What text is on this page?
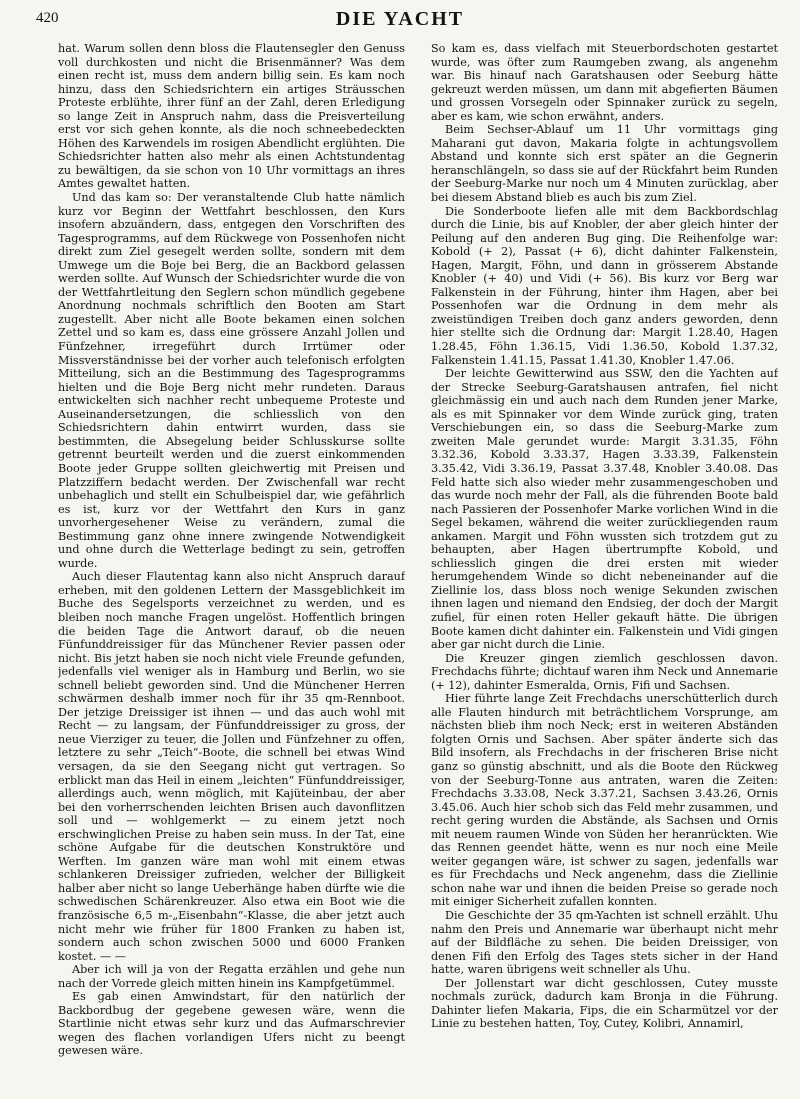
420	DIE YACHT

hat. Warum sollen denn bloss die Flautensegler den Genuss voll durchkosten und nicht die Brisenmänner? Was dem einen recht ist, muss dem andern billig sein. Es kam noch hinzu, dass den Schiedsrichtern ein artiges Sträusschen Proteste erblühte, ihrer fünf an der Zahl, deren Erledigung so lange Zeit in Anspruch nahm, dass die Preisverteilung erst vor sich gehen konnte, als die noch schneebedeckten Höhen des Karwendels im rosigen Abendlicht erglühten. Die Schiedsrichter hatten also mehr als einen Achtstundentag zu bewältigen, da sie schon von 10 Uhr vormittags an ihres Amtes gewaltet hatten.

Und das kam so: Der veranstaltende Club hatte nämlich kurz vor Beginn der Wettfahrt beschlossen, den Kurs insofern abzuändern, dass, entgegen den Vorschriften des Tagesprogramms, auf dem Rückwege von Possenhofen nicht direkt zum Ziel gesegelt werden sollte, sondern mit dem Umwege um die Boje bei Berg, die an Backbord gelassen werden sollte. Auf Wunsch der Schiedsrichter wurde die von der Wettfahrtleitung den Seglern schon mündlich gegebene Anordnung nochmals schriftlich den Booten am Start zugestellt. Aber nicht alle Boote bekamen einen solchen Zettel und so kam es, dass eine grössere Anzahl Jollen und Fünfzehner, irregeführt durch Irrtümer oder Missverständnisse bei der vorher auch telefonisch erfolgten Mitteilung, sich an die Bestimmung des Tagesprogramms hielten und die Boje Berg nicht mehr rundeten. Daraus entwickelten sich nachher recht unbequeme Proteste und Auseinandersetzungen, die schliesslich von den Schiedsrichtern dahin entwirrt wurden, dass sie bestimmten, die Absegelung beider Schlusskurse sollte getrennt beurteilt werden und die zuerst einkommenden Boote jeder Gruppe sollten gleichwertig mit Preisen und Platzziffern bedacht werden. Der Zwischenfall war recht unbehaglich und stellt ein Schulbeispiel dar, wie gefährlich es ist, kurz vor der Wettfahrt den Kurs in ganz unvorhergesehener Weise zu verändern, zumal die Bestimmung ganz ohne innere zwingende Notwendigkeit und ohne durch die Wetterlage bedingt zu sein, getroffen wurde.

Auch dieser Flautentag kann also nicht Anspruch darauf erheben, mit den goldenen Lettern der Massgeblichkeit im Buche des Segelsports verzeichnet zu werden, und es bleiben noch manche Fragen ungelöst. Hoffentlich bringen die beiden Tage die Antwort darauf, ob die neuen Fünfunddreissiger für das Münchener Revier passen oder nicht. Bis jetzt haben sie noch nicht viele Freunde gefunden, jedenfalls viel weniger als in Hamburg und Berlin, wo sie schnell beliebt geworden sind. Und die Münchener Herren schwärmen deshalb immer noch für ihr 35 qm-Rennboot. Der jetzige Dreissiger ist ihnen — und das auch wohl mit Recht — zu langsam, der Fünfunddreissiger zu gross, der neue Vierziger zu teuer, die Jollen und Fünfzehner zu offen, letztere zu sehr „Teich“-Boote, die schnell bei etwas Wind versagen, da sie den Seegang nicht gut vertragen. So erblickt man das Heil in einem „leichten“ Fünfunddreissiger, allerdings auch, wenn möglich, mit Kajüteinbau, der aber bei den vorherrschenden leichten Brisen auch davonflitzen soll und — wohlgemerkt — zu einem jetzt noch erschwinglichen Preise zu haben sein muss. In der Tat, eine schöne Aufgabe für die deutschen Konstruktöre und Werften. Im ganzen wäre man wohl mit einem etwas schlankeren Dreissiger zufrieden, welcher der Billigkeit halber aber nicht so lange Ueberhänge haben dürfte wie die schwedischen Schärenkreuzer. Also etwa ein Boot wie die französische 6,5 m-„Eisenbahn“-Klasse, die aber jetzt auch nicht mehr wie früher für 1800 Franken zu haben ist, sondern auch schon zwischen 5000 und 6000 Franken kostet. — —

Aber ich will ja von der Regatta erzählen und gehe nun nach der Vorrede gleich mitten hinein ins Kampfgetümmel.

Es gab einen Amwindstart, für den natürlich der Backbordbug der gegebene gewesen wäre, wenn die Startlinie nicht etwas sehr kurz und das Aufmarschrevier wegen des flachen vorlandigen Ufers nicht zu beengt gewesen wäre.

So kam es, dass vielfach mit Steuerbordschoten gestartet wurde, was öfter zum Raumgeben zwang, als angenehm war. Bis hinauf nach Garatshausen oder Seeburg hätte gekreuzt werden müssen, um dann mit abgefierten Bäumen und grossen Vorsegeln oder Spinnaker zurück zu segeln, aber es kam, wie schon erwähnt, anders.

Beim Sechser-Ablauf um 11 Uhr vormittags ging Maharani gut davon, Makaria folgte in achtungsvollem Abstand und konnte sich erst später an die Gegnerin heranschlängeln, so dass sie auf der Rückfahrt beim Runden der Seeburg-Marke nur noch um 4 Minuten zurücklag, aber bei diesem Abstand blieb es auch bis zum Ziel.

Die Sonderboote liefen alle mit dem Backbordschlag durch die Linie, bis auf Knobler, der aber gleich hinter der Peilung auf den anderen Bug ging. Die Reihenfolge war: Kobold (+ 2), Passat (+ 6), dicht dahinter Falkenstein, Hagen, Margit, Föhn, und dann in grösserem Abstande Knobler (+ 40) und Vidi (+ 56). Bis kurz vor Berg war Falkenstein in der Führung, hinter ihm Hagen, aber bei Possenhofen war die Ordnung in dem mehr als zweistündigen Treiben doch ganz anders geworden, denn hier stellte sich die Ordnung dar: Margit 1.28.40, Hagen 1.28.45, Föhn 1.36.15, Vidi 1.36.50, Kobold 1.37.32, Falkenstein 1.41.15, Passat 1.41.30, Knobler 1.47.06.

Der leichte Gewitterwind aus SSW, den die Yachten auf der Strecke Seeburg-Garatshausen antrafen, fiel nicht gleichmässig ein und auch nach dem Runden jener Marke, als es mit Spinnaker vor dem Winde zurück ging, traten Verschiebungen ein, so dass die Seeburg-Marke zum zweiten Male gerundet wurde: Margit 3.31.35, Föhn 3.32.36, Kobold 3.33.37, Hagen 3.33.39, Falkenstein 3.35.42, Vidi 3.36.19, Passat 3.37.48, Knobler 3.40.08. Das Feld hatte sich also wieder mehr zusammengeschoben und das wurde noch mehr der Fall, als die führenden Boote bald nach Passieren der Possenhofer Marke vorlichen Wind in die Segel bekamen, während die weiter zurückliegenden raum ankamen. Margit und Föhn wussten sich trotzdem gut zu behaupten, aber Hagen übertrumpfte Kobold, und schliesslich gingen die drei ersten mit wieder herumgehendem Winde so dicht nebeneinander auf die Ziellinie los, dass bloss noch wenige Sekunden zwischen ihnen lagen und niemand den Endsieg, der doch der Margit zufiel, für einen roten Heller gekauft hätte. Die übrigen Boote kamen dicht dahinter ein. Falkenstein und Vidi gingen aber gar nicht durch die Linie.

Die Kreuzer gingen ziemlich geschlossen davon. Frechdachs führte; dichtauf waren ihm Neck und Annemarie (+ 12), dahinter Esmeralda, Ornis, Fifi und Sachsen.

Hier führte lange Zeit Frechdachs unerschütterlich durch alle Flauten hindurch mit beträchtlichem Vorsprunge, am nächsten blieb ihm noch Neck; erst in weiteren Abständen folgten Ornis und Sachsen. Aber später änderte sich das Bild insofern, als Frechdachs in der frischeren Brise nicht ganz so günstig abschnitt, und als die Boote den Rückweg von der Seeburg-Tonne aus antraten, waren die Zeiten: Frechdachs 3.33.08, Neck 3.37.21, Sachsen 3.43.26, Ornis 3.45.06. Auch hier schob sich das Feld mehr zusammen, und recht gering wurden die Abstände, als Sachsen und Ornis mit neuem raumen Winde von Süden her heranrückten. Wie das Rennen geendet hätte, wenn es nur noch eine Meile weiter gegangen wäre, ist schwer zu sagen, jedenfalls war es für Frechdachs und Neck angenehm, dass die Ziellinie schon nahe war und ihnen die beiden Preise so gerade noch mit einiger Sicherheit zufallen konnten.

Die Geschichte der 35 qm-Yachten ist schnell erzählt. Uhu nahm den Preis und Annemarie war überhaupt nicht mehr auf der Bildfläche zu sehen. Die beiden Dreissiger, von denen Fifi den Erfolg des Tages stets sicher in der Hand hatte, waren übrigens weit schneller als Uhu.

Der Jollenstart war dicht geschlossen, Cutey musste nochmals zurück, dadurch kam Bronja in die Führung. Dahinter liefen Makaria, Fips, die ein Scharmützel vor der Linie zu bestehen hatten, Toy, Cutey, Kolibri, Annamirl,
